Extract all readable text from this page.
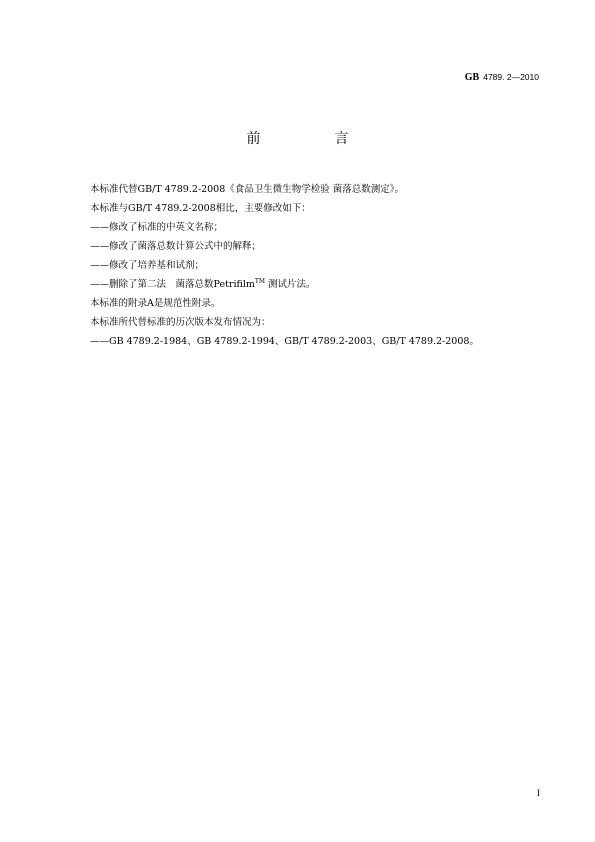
GB 4789. 2—2010
前　言
本标准代替GB/T 4789.2-2008《食品卫生微生物学检验 菌落总数测定》。
本标准与GB/T 4789.2-2008相比，主要修改如下：
——修改了标准的中英文名称；
——修改了菌落总数计算公式中的解释；
——修改了培养基和试剂；
——删除了第二法　菌落总数Petrifilm™ 测试片法。
本标准的附录A是规范性附录。
本标准所代替标准的历次版本发布情况为：
——GB 4789.2-1984、GB 4789.2-1994、GB/T 4789.2-2003、GB/T 4789.2-2008。
I
